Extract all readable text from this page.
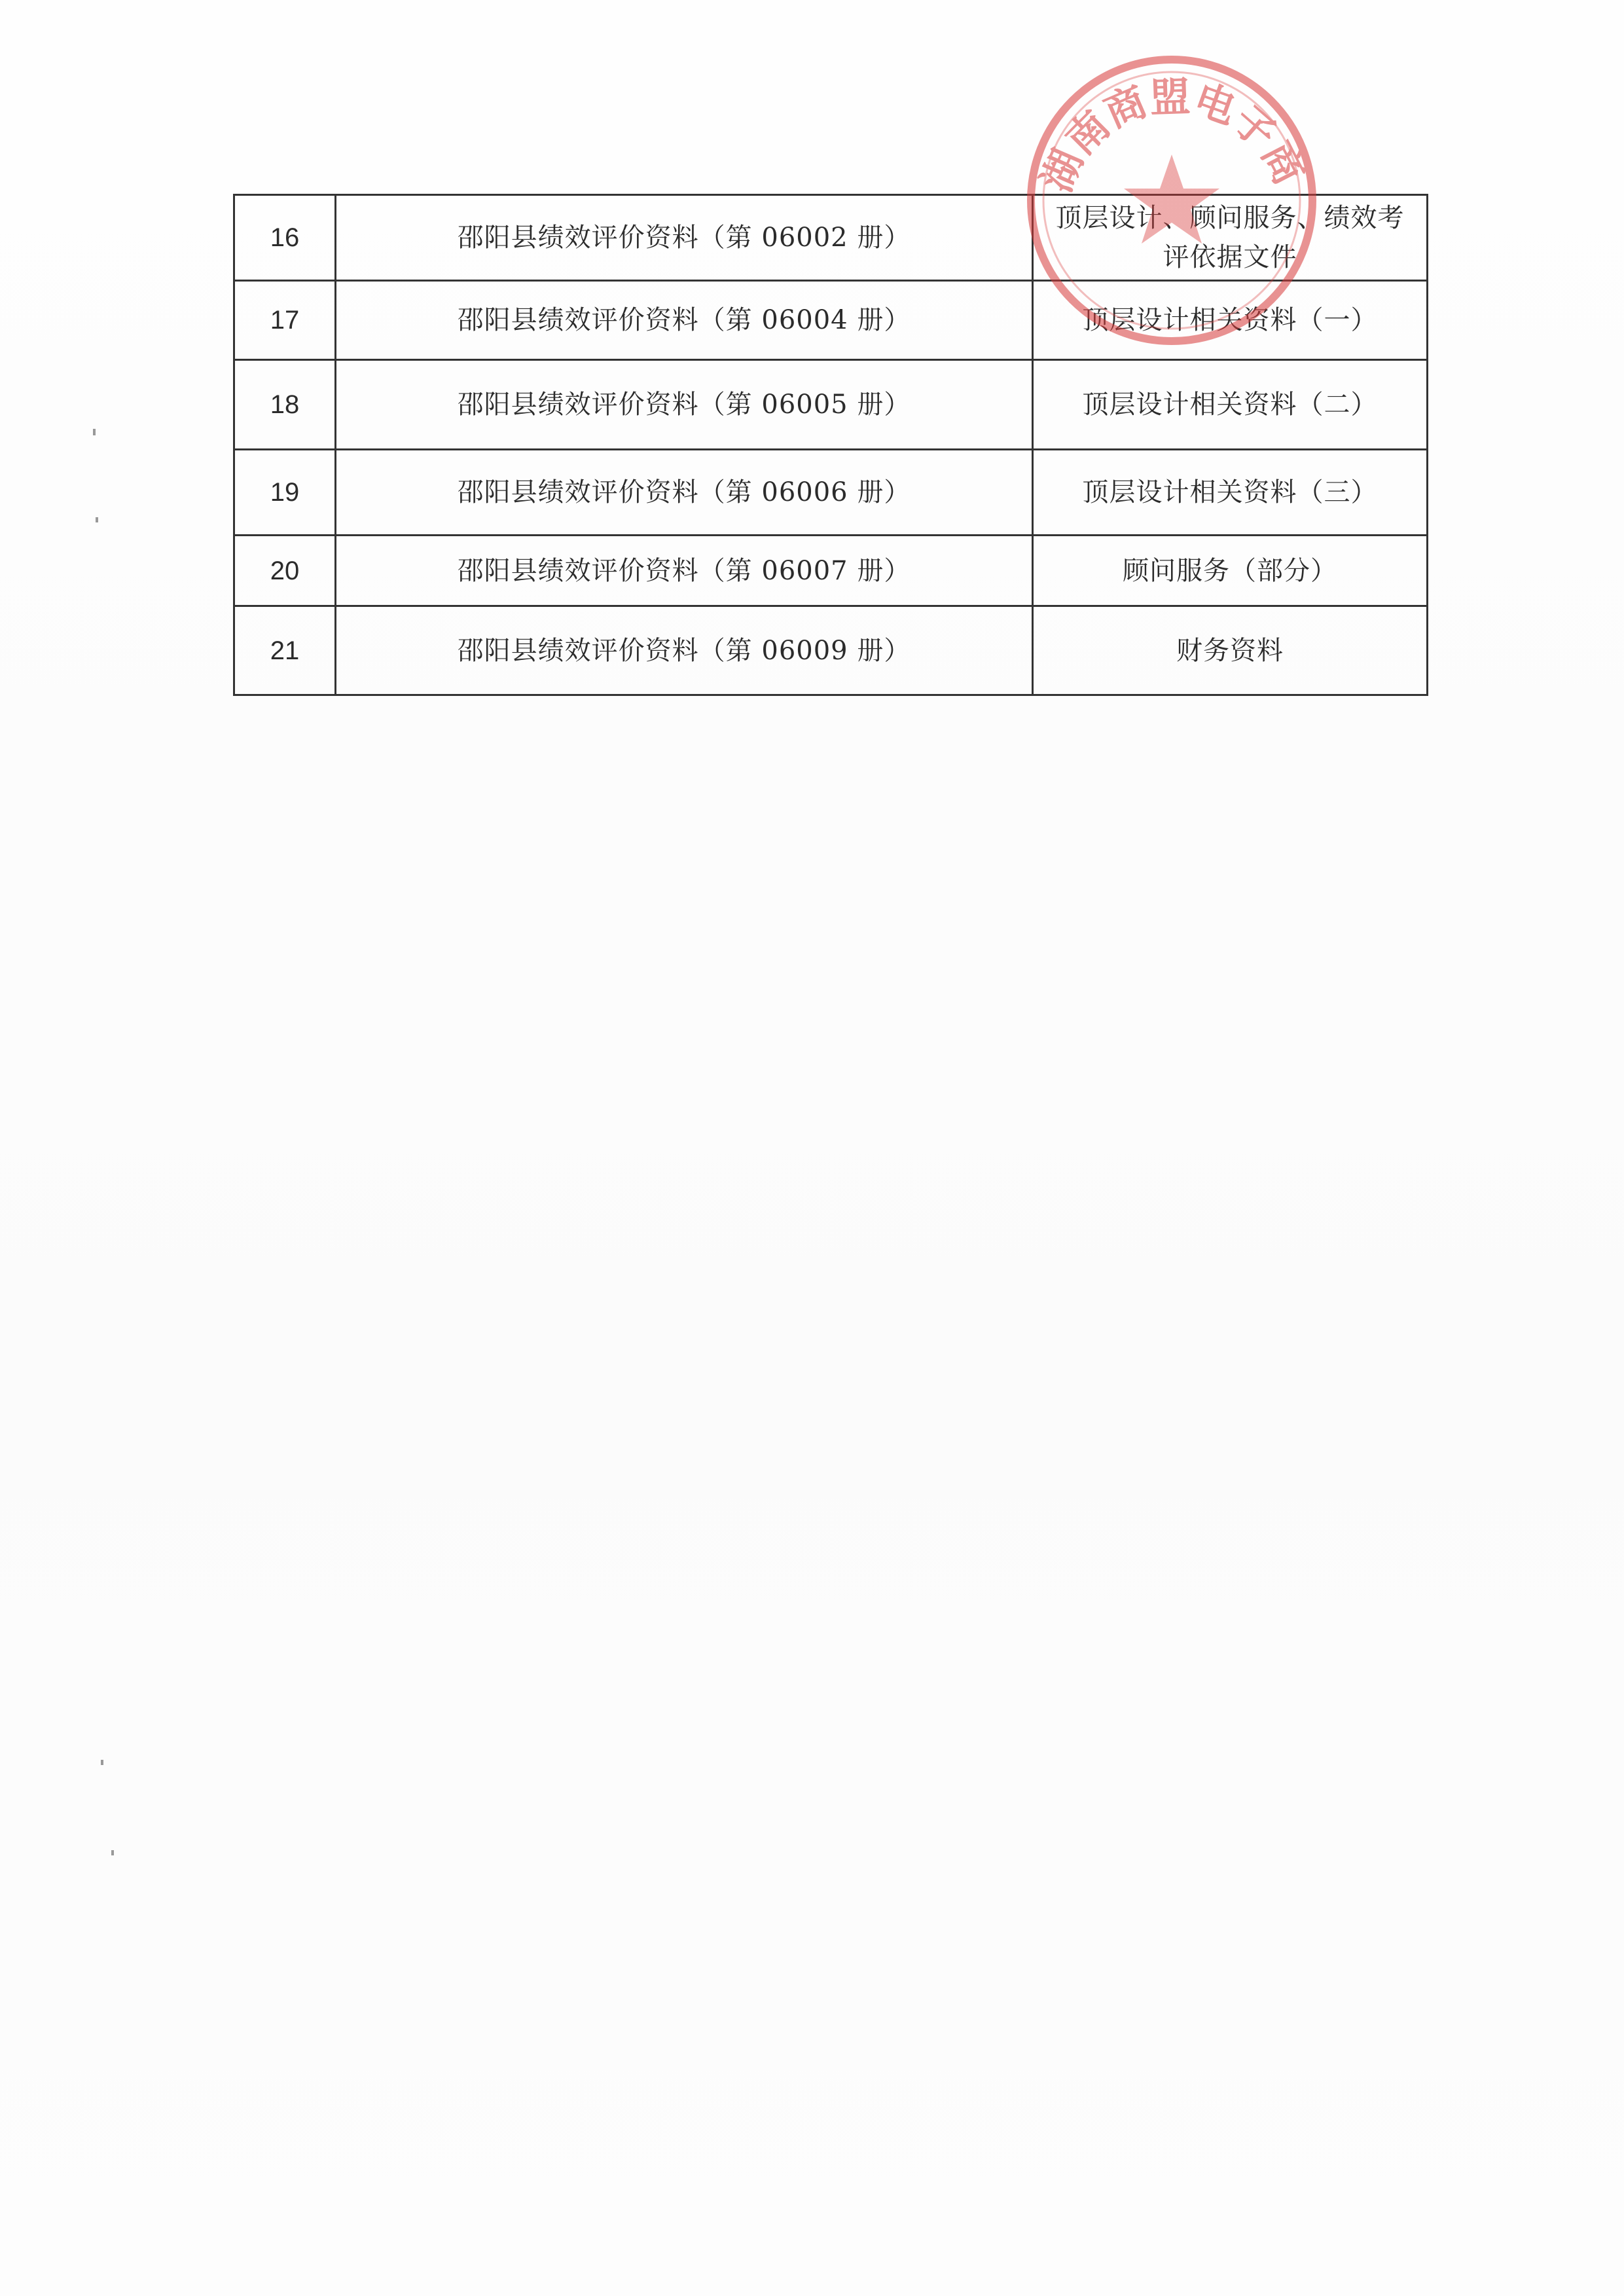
16	邵阳县绩效评价资料（第 06002 册）	顶层设计、顾问服务、绩效考评依据文件
17	邵阳县绩效评价资料（第 06004 册）	顶层设计相关资料（一）
18	邵阳县绩效评价资料（第 06005 册）	顶层设计相关资料（二）
19	邵阳县绩效评价资料（第 06006 册）	顶层设计相关资料（三）
20	邵阳县绩效评价资料（第 06007 册）	顾问服务（部分）
21	邵阳县绩效评价资料（第 06009 册）	财务资料
湖南商盟电子商
